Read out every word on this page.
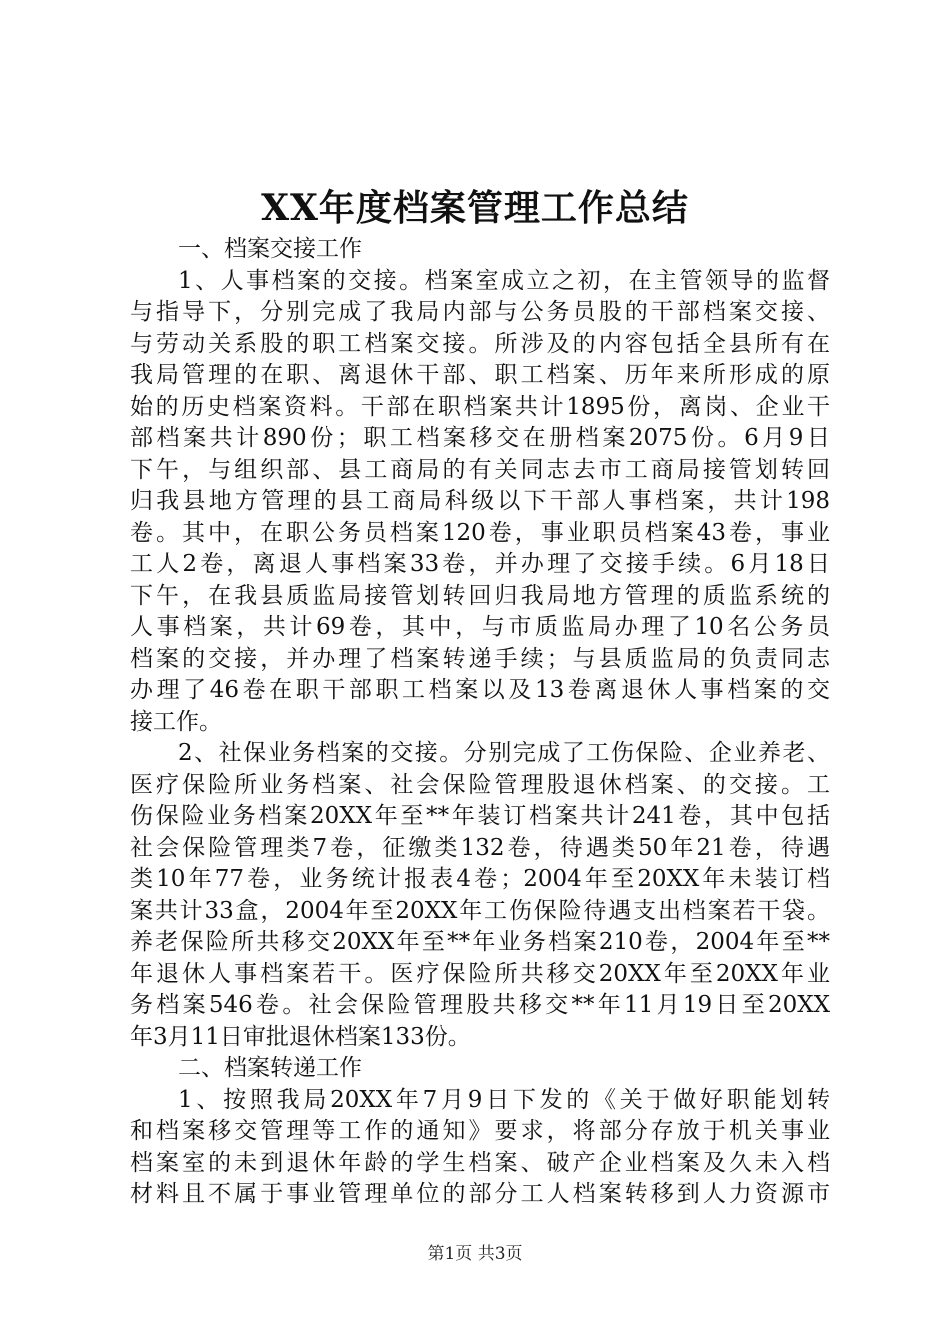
XX年度档案管理工作总结
一、档案交接工作
1、人事档案的交接。档案室成立之初，在主管领导的监督
与指导下，分别完成了我局内部与公务员股的干部档案交接、
与劳动关系股的职工档案交接。所涉及的内容包括全县所有在
我局管理的在职、离退休干部、职工档案、历年来所形成的原
始的历史档案资料。干部在职档案共计1895份，离岗、企业干
部档案共计890份；职工档案移交在册档案2075份。6月9日
下午，与组织部、县工商局的有关同志去市工商局接管划转回
归我县地方管理的县工商局科级以下干部人事档案，共计198
卷。其中，在职公务员档案120卷，事业职员档案43卷，事业
工人2卷，离退人事档案33卷，并办理了交接手续。6月18日
下午，在我县质监局接管划转回归我局地方管理的质监系统的
人事档案，共计69卷，其中，与市质监局办理了10名公务员
档案的交接，并办理了档案转递手续；与县质监局的负责同志
办理了46卷在职干部职工档案以及13卷离退休人事档案的交
接工作。
2、社保业务档案的交接。分别完成了工伤保险、企业养老、
医疗保险所业务档案、社会保险管理股退休档案、的交接。工
伤保险业务档案20XX年至**年装订档案共计241卷，其中包括
社会保险管理类7卷，征缴类132卷，待遇类50年21卷，待遇
类10年77卷，业务统计报表4卷；2004年至20XX年未装订档
案共计33盒，2004年至20XX年工伤保险待遇支出档案若干袋。
养老保险所共移交20XX年至**年业务档案210卷，2004年至**
年退休人事档案若干。医疗保险所共移交20XX年至20XX年业
务档案546卷。社会保险管理股共移交**年11月19日至20XX
年3月11日审批退休档案133份。
二、档案转递工作
1、按照我局20XX年7月9日下发的《关于做好职能划转
和档案移交管理等工作的通知》要求，将部分存放于机关事业
档案室的未到退休年龄的学生档案、破产企业档案及久未入档
材料且不属于事业管理单位的部分工人档案转移到人力资源市
第1页 共3页
